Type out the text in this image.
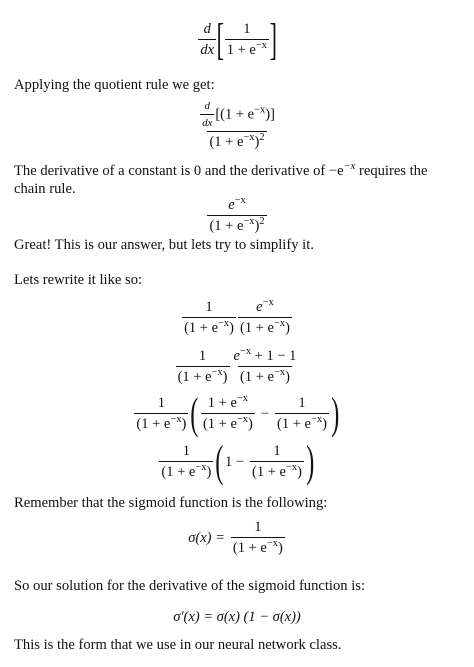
$\frac{d}{dx}$ [ $\frac{1}{1 + e^{-x}}$ ]

Applying the quotient rule we get:

$\frac{\frac{d}{dx} [(1 + e^{-x})]}{(1 + e^{-x})^2}$

The derivative of a constant is 0 and the derivative of $-e^{-x}$ requires the chain rule.

$\frac{e^{-x}}{(1 + e^{-x})^2}$

Great! This is our answer, but lets try to simplify it.

Lets rewrite it like so:

$\frac{1}{(1 + e^{-x})} \frac{e^{-x}}{(1 + e^{-x})}$
$\frac{1}{(1 + e^{-x})} \frac{e^{-x} + 1 - 1}{(1 + e^{-x})}$
$\frac{1}{(1 + e^{-x})}$ ( $\frac{1 + e^{-x}}{(1 + e^{-x})} - \frac{1}{(1 + e^{-x})}$ )
$\frac{1}{(1 + e^{-x})}$ ( $1 - \frac{1}{(1 + e^{-x})}$ )

Remember that the sigmoid function is the following:

$\sigma(x) = \frac{1}{(1 + e^{-x})}$

So our solution for the derivative of the sigmoid function is:

σ′(x) = σ(x) (1 − σ(x))

This is the form that we use in our neural network class.
